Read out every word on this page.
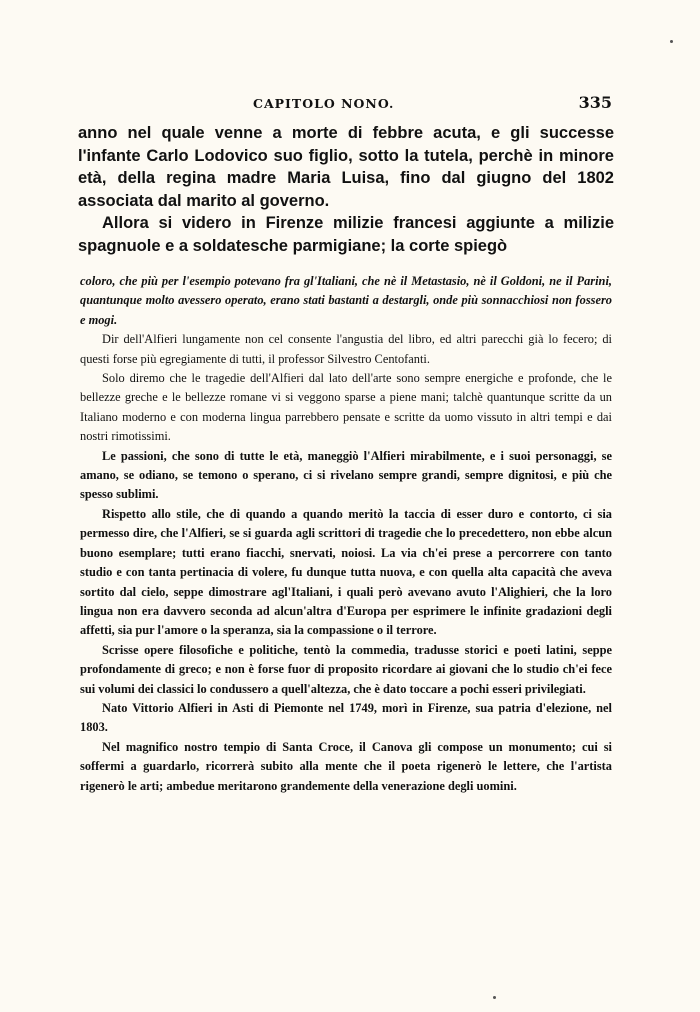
CAPITOLO NONO.	335

anno nel quale venne a morte di febbre acuta, e gli successe l'infante Carlo Lodovico suo figlio, sotto la tutela, perchè in minore età, della regina madre Maria Luisa, fino dal giugno del 1802 associata dal marito al governo.

Allora si videro in Firenze milizie francesi aggiunte a milizie spagnuole e a soldatesche parmigiane; la corte spiegò

coloro, che più per l'esempio potevano fra gl'Italiani, che nè il Metastasio, nè il Goldoni, ne il Parini, quantunque molto avessero operato, erano stati bastanti a destargli, onde più sonnacchiosi non fossero e mogi.

Dir dell'Alfieri lungamente non cel consente l'angustia del libro, ed altri parecchi già lo fecero; di questi forse più egregiamente di tutti, il professor Silvestro Centofanti.

Solo diremo che le tragedie dell'Alfieri dal lato dell'arte sono sempre energiche e profonde, che le bellezze greche e le bellezze romane vi si veggono sparse a piene mani; talchè quantunque scritte da un Italiano moderno e con moderna lingua parrebbero pensate e scritte da uomo vissuto in altri tempi e dai nostri rimotissimi.

Le passioni, che sono di tutte le età, maneggiò l'Alfieri mirabilmente, e i suoi personaggi, se amano, se odiano, se temono o sperano, ci si rivelano sempre grandi, sempre dignitosi, e più che spesso sublimi.

Rispetto allo stile, che di quando a quando meritò la taccia di esser duro e contorto, ci sia permesso dire, che l'Alfieri, se si guarda agli scrittori di tragedie che lo precedettero, non ebbe alcun buono esemplare; tutti erano fiacchi, snervati, noiosi. La via ch'ei prese a percorrere con tanto studio e con tanta pertinacia di volere, fu dunque tutta nuova, e con quella alta capacità che aveva sortito dal cielo, seppe dimostrare agl'Italiani, i quali però avevano avuto l'Alighieri, che la loro lingua non era davvero seconda ad alcun'altra d'Europa per esprimere le infinite gradazioni degli affetti, sia pur l'amore o la speranza, sia la compassione o il terrore.

Scrisse opere filosofiche e politiche, tentò la commedia, tradusse storici e poeti latini, seppe profondamente di greco; e non è forse fuor di proposito ricordare ai giovani che lo studio ch'ei fece sui volumi dei classici lo condussero a quell'altezza, che è dato toccare a pochi esseri privilegiati.

Nato Vittorio Alfieri in Asti di Piemonte nel 1749, morì in Firenze, sua patria d'elezione, nel 1803.

Nel magnifico nostro tempio di Santa Croce, il Canova gli compose un monumento; cui si soffermi a guardarlo, ricorrerà subito alla mente che il poeta rigenerò le lettere, che l'artista rigenerò le arti; ambedue meritarono grandemente della venerazione degli uomini.
